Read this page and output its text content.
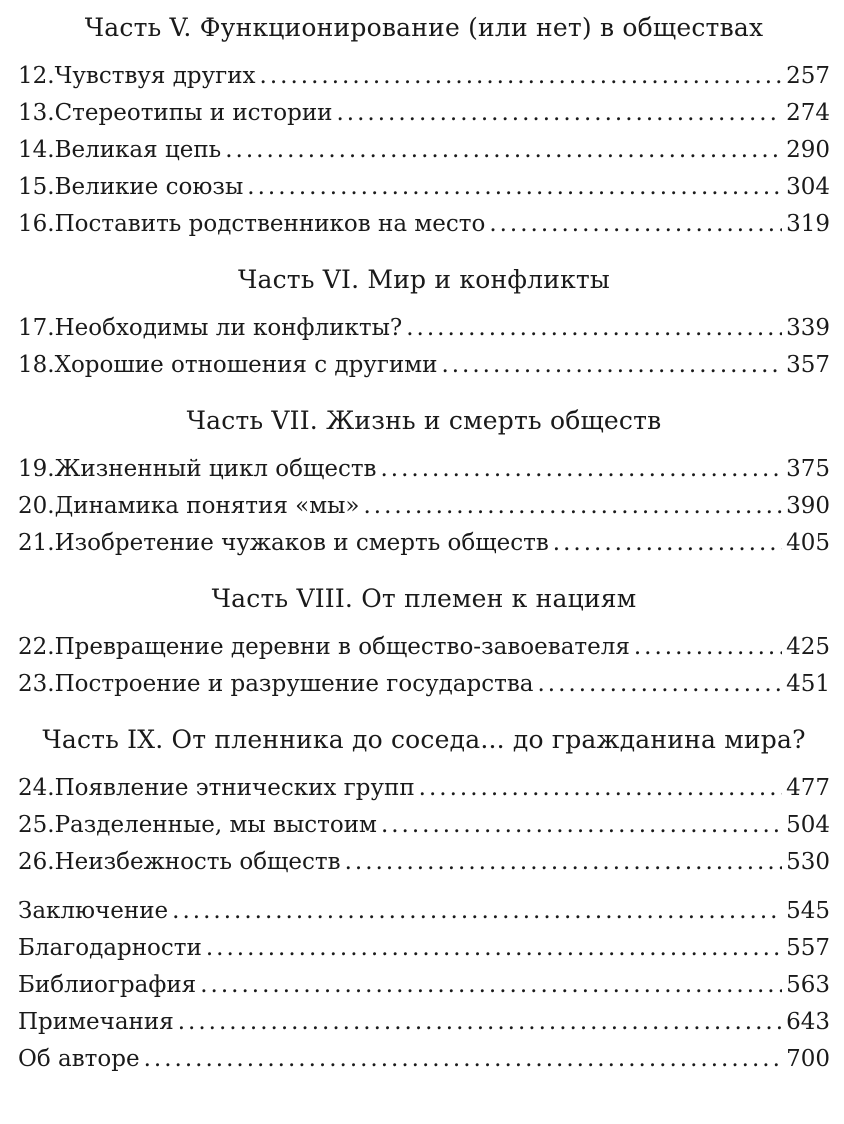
Часть V. Функционирование (или нет) в обществах
12. Чувствуя других .....	257
13. Стереотипы и истории .....	274
14. Великая цепь .....	290
15. Великие союзы .....	304
16. Поставить родственников на место .....	319
Часть VI. Мир и конфликты
17. Необходимы ли конфликты? .....	339
18. Хорошие отношения с другими .....	357
Часть VII. Жизнь и смерть обществ
19. Жизненный цикл обществ .....	375
20. Динамика понятия «мы» .....	390
21. Изобретение чужаков и смерть обществ .....	405
Часть VIII. От племен к нациям
22. Превращение деревни в общество-завоевателя .....	425
23. Построение и разрушение государства .....	451
Часть IX. От пленника до соседа... до гражданина мира?
24. Появление этнических групп .....	477
25. Разделенные, мы выстоим .....	504
26. Неизбежность обществ .....	530
Заключение .....	545
Благодарности .....	557
Библиография .....	563
Примечания .....	643
Об авторе .....	700
